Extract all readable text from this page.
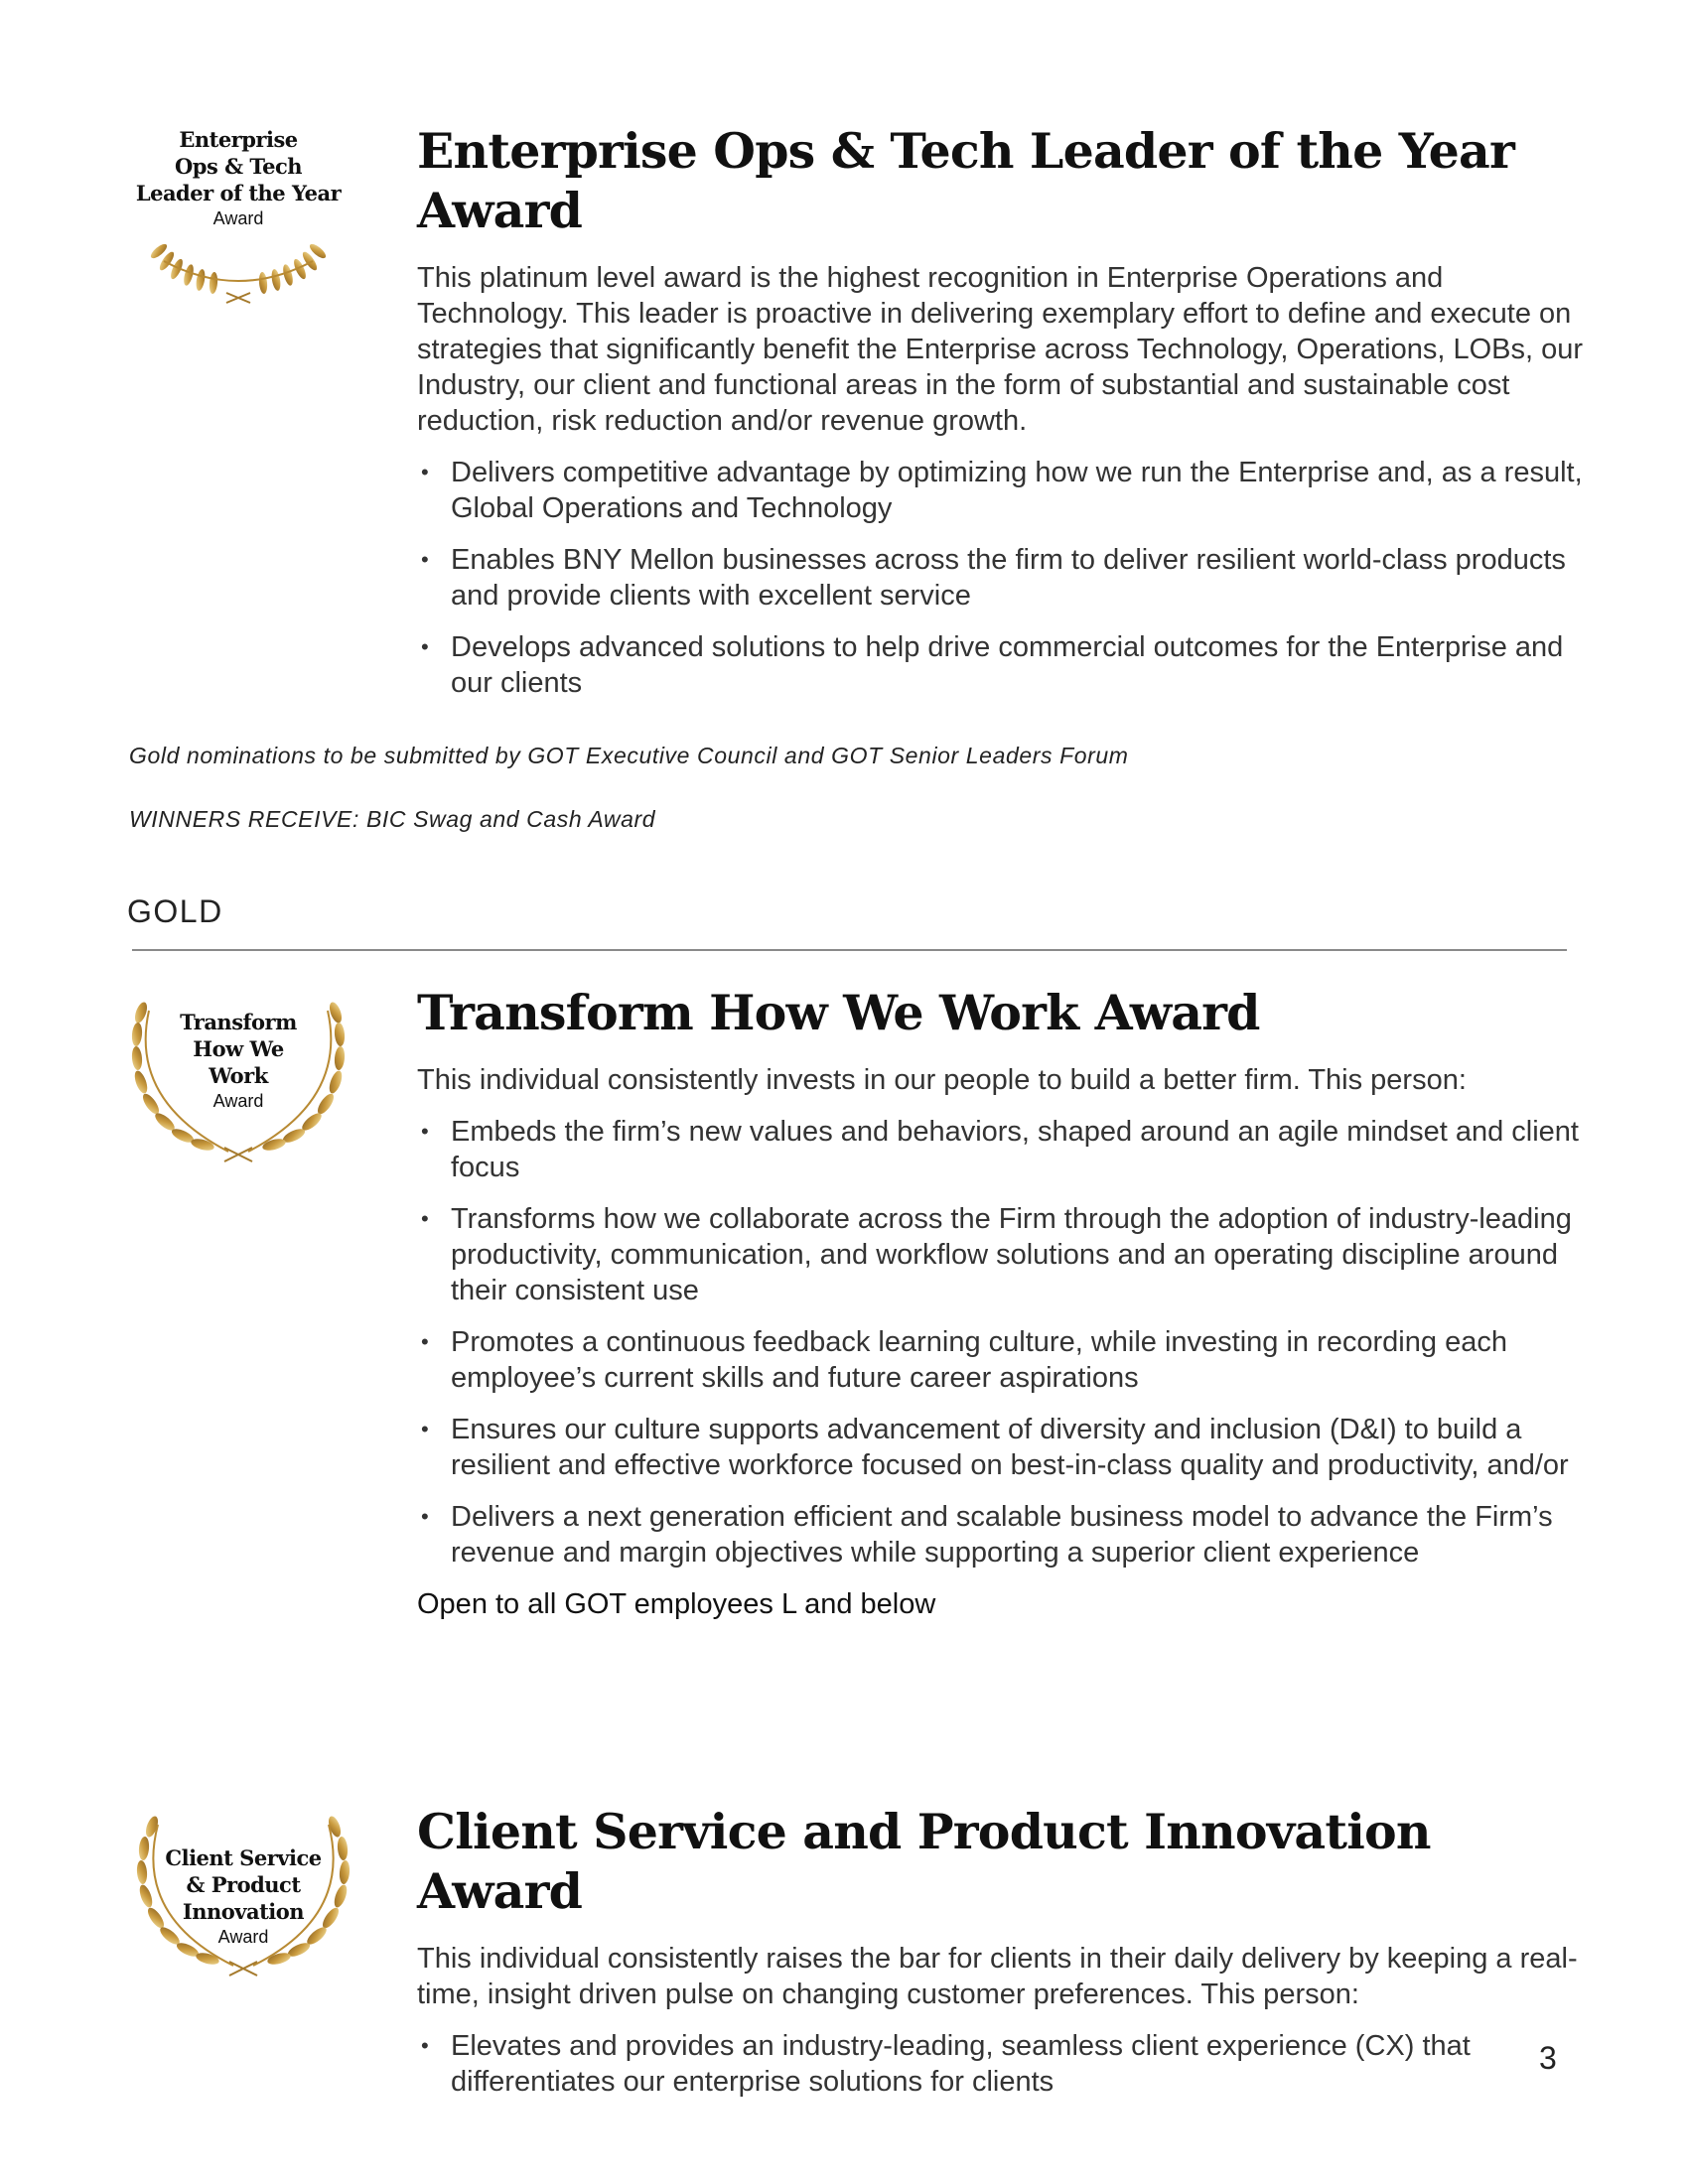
Enterprise
Ops & Tech
Leader of the Year
Award
Enterprise Ops & Tech Leader of the Year Award

This platinum level award is the highest recognition in Enterprise Operations and Technology. This leader is proactive in delivering exemplary effort to define and execute on strategies that significantly benefit the Enterprise across Technology, Operations, LOBs, our Industry, our client and functional areas in the form of substantial and sustainable cost reduction, risk reduction and/or revenue growth.

• Delivers competitive advantage by optimizing how we run the Enterprise and, as a result, Global Operations and Technology
• Enables BNY Mellon businesses across the firm to deliver resilient world-class products and provide clients with excellent service
• Develops advanced solutions to help drive commercial outcomes for the Enterprise and our clients
Gold nominations to be submitted by GOT Executive Council and GOT Senior Leaders Forum
WINNERS RECEIVE: BIC Swag and Cash Award
GOLD
Transform
How We
Work
Award
Transform How We Work Award

This individual consistently invests in our people to build a better firm. This person:

• Embeds the firm’s new values and behaviors, shaped around an agile mindset and client focus
• Transforms how we collaborate across the Firm through the adoption of industry-leading productivity, communication, and workflow solutions and an operating discipline around their consistent use
• Promotes a continuous feedback learning culture, while investing in recording each employee’s current skills and future career aspirations
• Ensures our culture supports advancement of diversity and inclusion (D&I) to build a resilient and effective workforce focused on best-in-class quality and productivity, and/or
• Delivers a next generation efficient and scalable business model to advance the Firm’s revenue and margin objectives while supporting a superior client experience
Open to all GOT employees L and below
Client Service
& Product
Innovation
Award
Client Service and Product Innovation Award

This individual consistently raises the bar for clients in their daily delivery by keeping a real-time, insight driven pulse on changing customer preferences. This person:

• Elevates and provides an industry-leading, seamless client experience (CX) that differentiates our enterprise solutions for clients
3
